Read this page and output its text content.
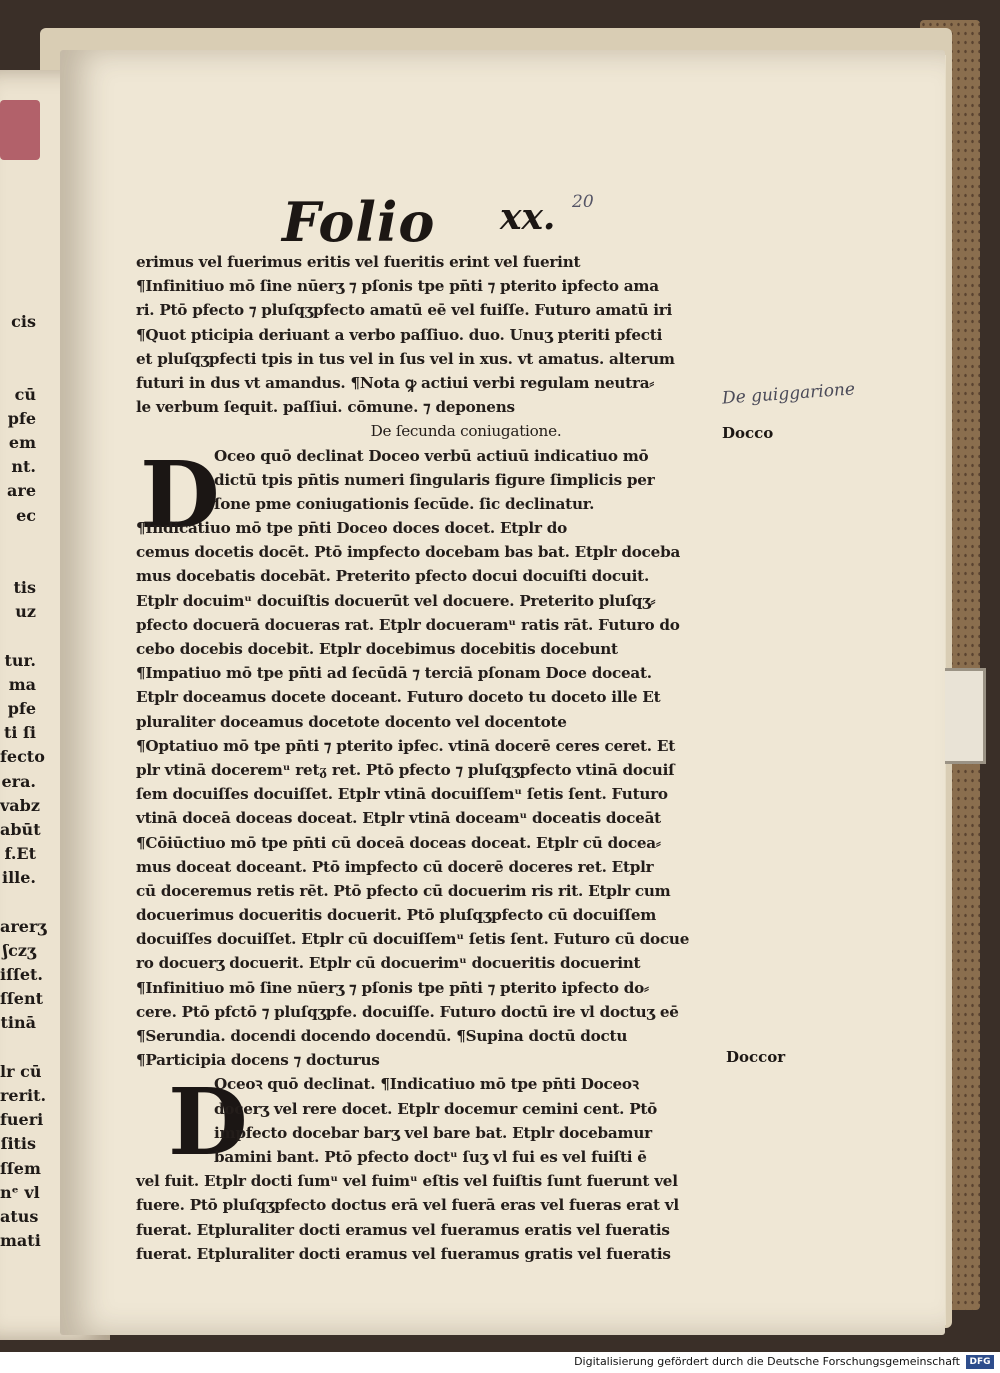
cis
cū
pfe
em
nt.
are
ec
tis
uz
tur.
ma
pfe
ti ſi
fecto
era.
vabz
abūt
f.Et
ille.
arerʒ
ʃczʒ
iſſet.
ſſent
tinā
lr cū
rerit.
fueri
ſitis
ſſem
nᵉ vl
atus
mati
Folio xx. 20
D
D
erimus vel fuerimus eritis vel fueritis erint vel fuerint
¶Infinitiuo mō ſine nūerʒ ⁊ pſonis tpe pn̄ti ⁊ pterito ipfecto ama
ri. Ptō pfecto ⁊ pluſqʒpfecto amatū eē vel fuiſſe. Futuro amatū iri
¶Quot pticipia deriuant a verbo paſſiuo. duo. Unuʒ pteriti pfecti
et pluſqʒpfecti tpis in tus vel in ſus vel in xus. vt amatus. alterum
futuri in dus vt amandus. ¶Nota ꝙ actiui verbi regulam neutra⸗
le verbum ſequit. paſſiui. cōmune. ⁊ deponens
De ſecunda coniugatione.
Oceo quō declinat Doceo verbū actiuū indicatiuo mō
dictū tpis pn̄tis numeri ſingularis figure ſimplicis per
ſone pme coniugationis ſecūde. ſic declinatur.
¶Indicatiuo mō tpe pn̄ti Doceo doces docet. Etplr do
cemus docetis docēt. Ptō impfecto docebam bas bat. Etplr doceba
mus docebatis docebāt. Preterito pfecto docui docuiſti docuit.
Etplr docuimᵘ docuiſtis docuerūt vel docuere. Preterito pluſqʒ⸗
pfecto docuerā docueras rat. Etplr docueramᵘ ratis rāt. Futuro do
cebo docebis docebit. Etplr docebimus docebitis docebunt
¶Impatiuo mō tpe pn̄ti ad ſecūdā ⁊ terciā pſonam Doce doceat.
Etplr doceamus docete doceant. Futuro doceto tu doceto ille Et
pluraliter doceamus docetote docento vel docentote
¶Optatiuo mō tpe pn̄ti ⁊ pterito ipfec. vtinā docerē ceres ceret. Et
plr vtinā doceremᵘ retᵹ ret. Ptō pfecto ⁊ pluſqʒpfecto vtinā docuiſ
ſem docuiſſes docuiſſet. Etplr vtinā docuiſſemᵘ ſetis ſent. Futuro
vtinā doceā doceas doceat. Etplr vtinā doceamᵘ doceatis doceāt
¶Cōiūctiuo mō tpe pn̄ti cū doceā doceas doceat. Etplr cū docea⸗
mus doceat doceant. Ptō impfecto cū docerē doceres ret. Etplr
cū doceremus retis rēt. Ptō pfecto cū docuerim ris rit. Etplr cum
docuerimus docueritis docuerit. Ptō pluſqʒpfecto cū docuiſſem
docuiſſes docuiſſet. Etplr cū docuiſſemᵘ ſetis ſent. Futuro cū docue
ro docuerʒ docuerit. Etplr cū docuerimᵘ docueritis docuerint
¶Infinitiuo mō ſine nūerʒ ⁊ pſonis tpe pn̄ti ⁊ pterito ipfecto do⸗
cere. Ptō pfctō ⁊ pluſqʒpfe. docuiſſe. Futuro doctū ire vl doctuʒ eē
¶Serundia. docendi docendo docendū. ¶Supina doctū doctu
¶Participia docens ⁊ docturus
Oceoꝛ quō declinat. ¶Indicatiuo mō tpe pn̄ti Doceoꝛ
docerʒ vel rere docet. Etplr docemur cemini cent. Ptō
impfecto docebar barʒ vel bare bat. Etplr docebamur
bamini bant. Ptō pfecto doctᵘ ſuʒ vl fui es vel fuiſti ē
vel fuit. Etplr docti ſumᵘ vel fuimᵘ eſtis vel fuiſtis ſunt fuerunt vel
fuere. Ptō pluſqʒpfecto doctus erā vel fuerā eras vel fueras erat vl
fuerat. Etpluraliter docti eramus vel fueramus eratis vel fueratis
fuerat. Etpluraliter docti eramus vel fueramus gratis vel fueratis
De guiggarione
Docco
Doccor
Digitalisierung gefördert durch die Deutsche Forschungsgemeinschaft	DFG
